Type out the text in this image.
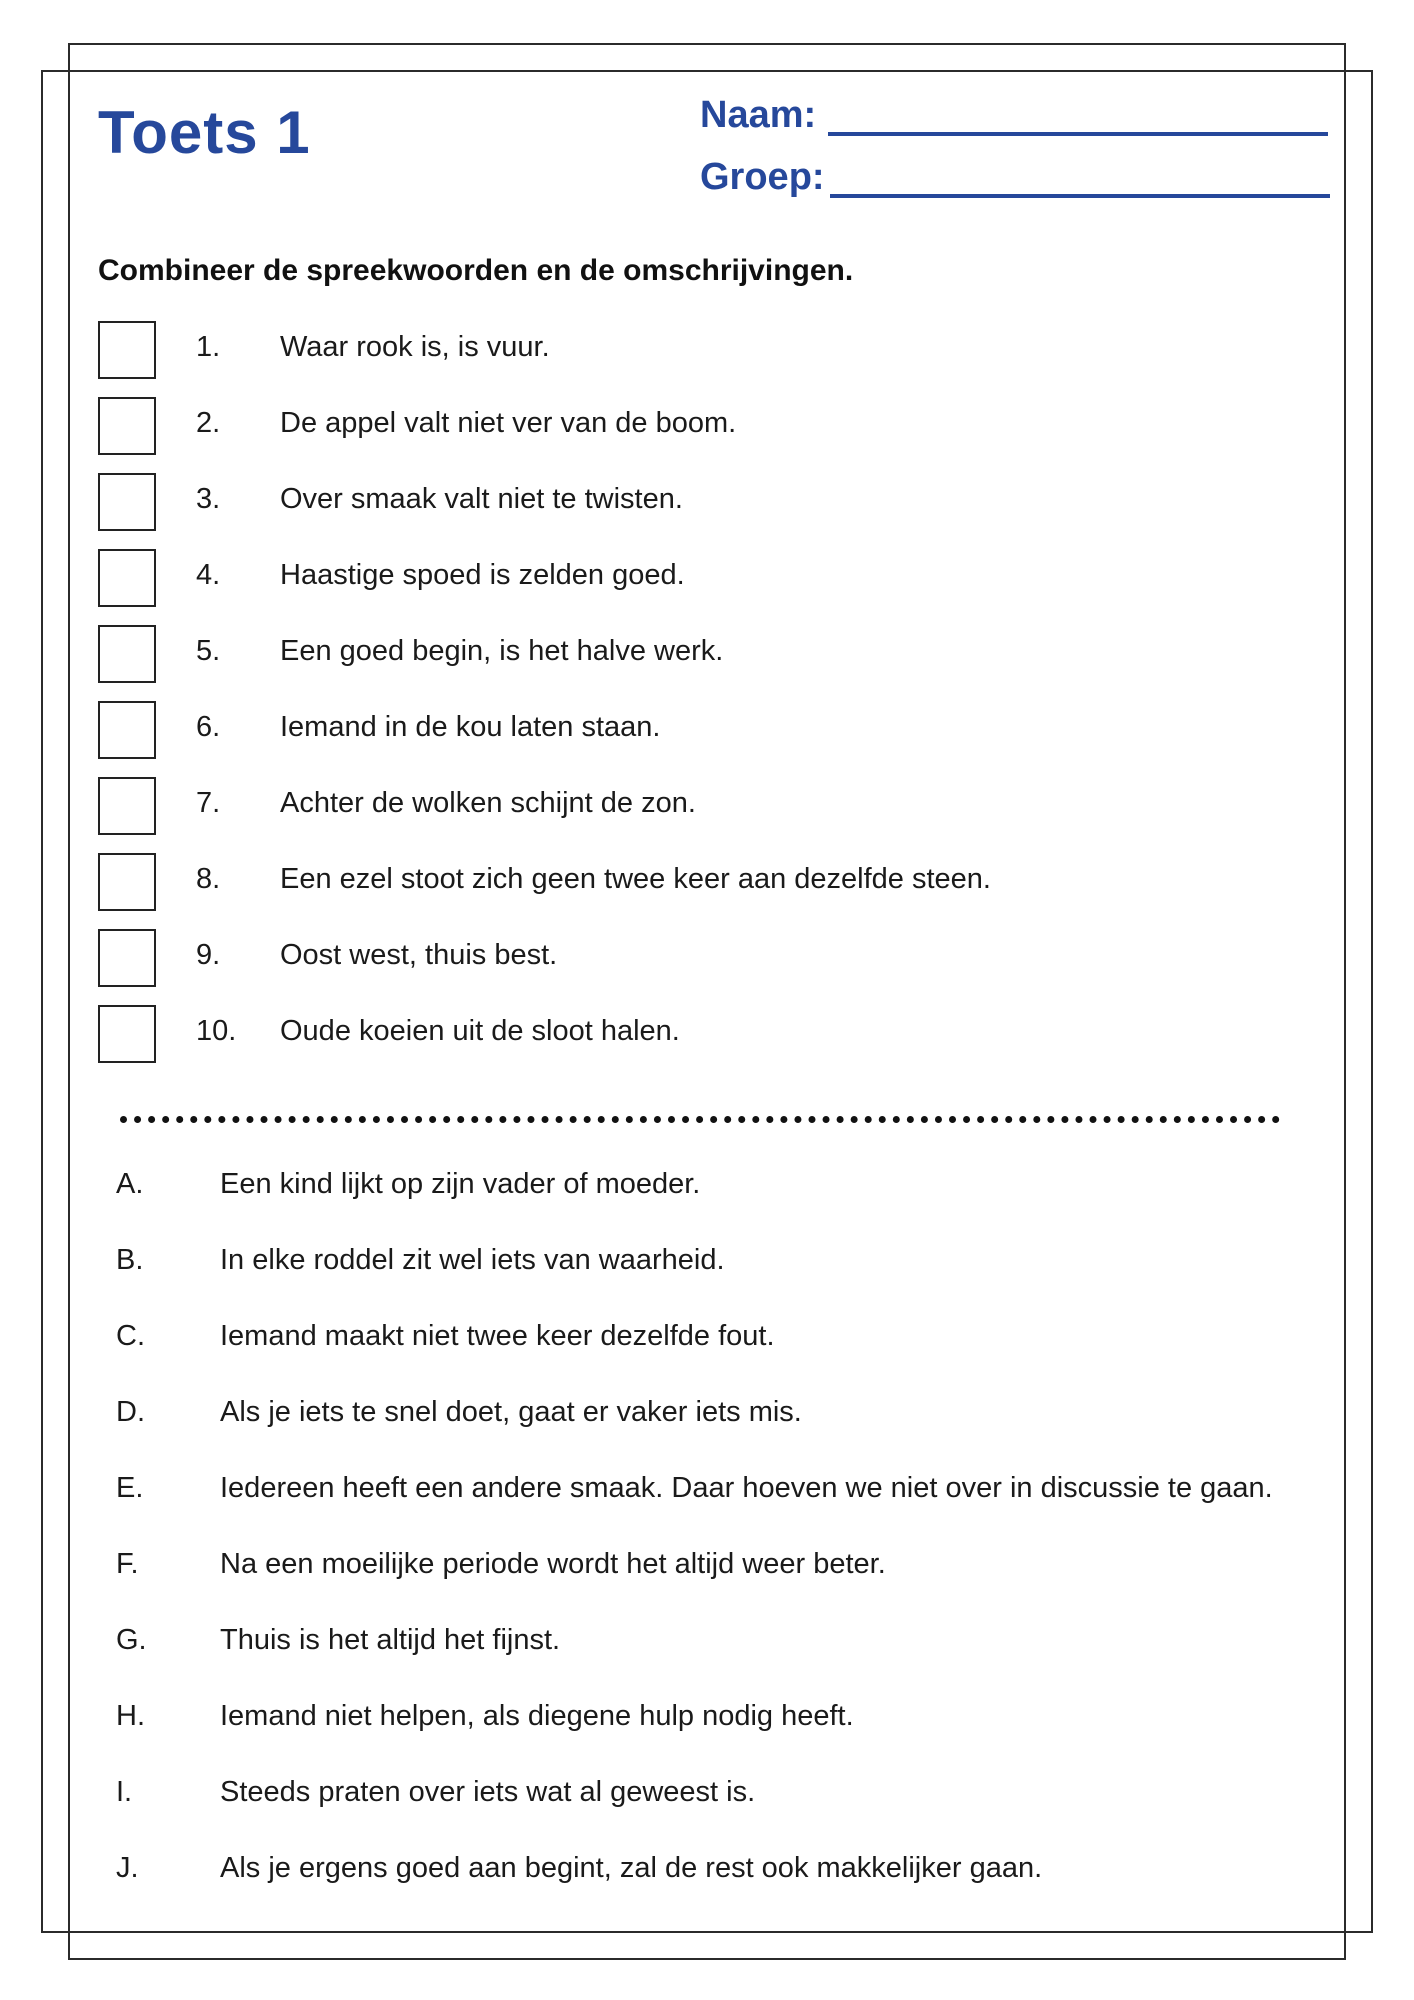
Toets 1	Naam:
Groep:
Combineer de spreekwoorden en de omschrijvingen.
1. Waar rook is, is vuur.
2. De appel valt niet ver van de boom.
3. Over smaak valt niet te twisten.
4. Haastige spoed is zelden goed.
5. Een goed begin, is het halve werk.
6. Iemand in de kou laten staan.
7. Achter de wolken schijnt de zon.
8. Een ezel stoot zich geen twee keer aan dezelfde steen.
9. Oost west, thuis best.
10. Oude koeien uit de sloot halen.
A.	Een kind lijkt op zijn vader of moeder.
B.	In elke roddel zit wel iets van waarheid.
C.	Iemand maakt niet twee keer dezelfde fout.
D.	Als je iets te snel doet, gaat er vaker iets mis.
E.	Iedereen heeft een andere smaak. Daar hoeven we niet over in discussie te gaan.
F.	Na een moeilijke periode wordt het altijd weer beter.
G.	Thuis is het altijd het fijnst.
H.	Iemand niet helpen, als diegene hulp nodig heeft.
I.	Steeds praten over iets wat al geweest is.
J.	Als je ergens goed aan begint, zal de rest ook makkelijker gaan.
